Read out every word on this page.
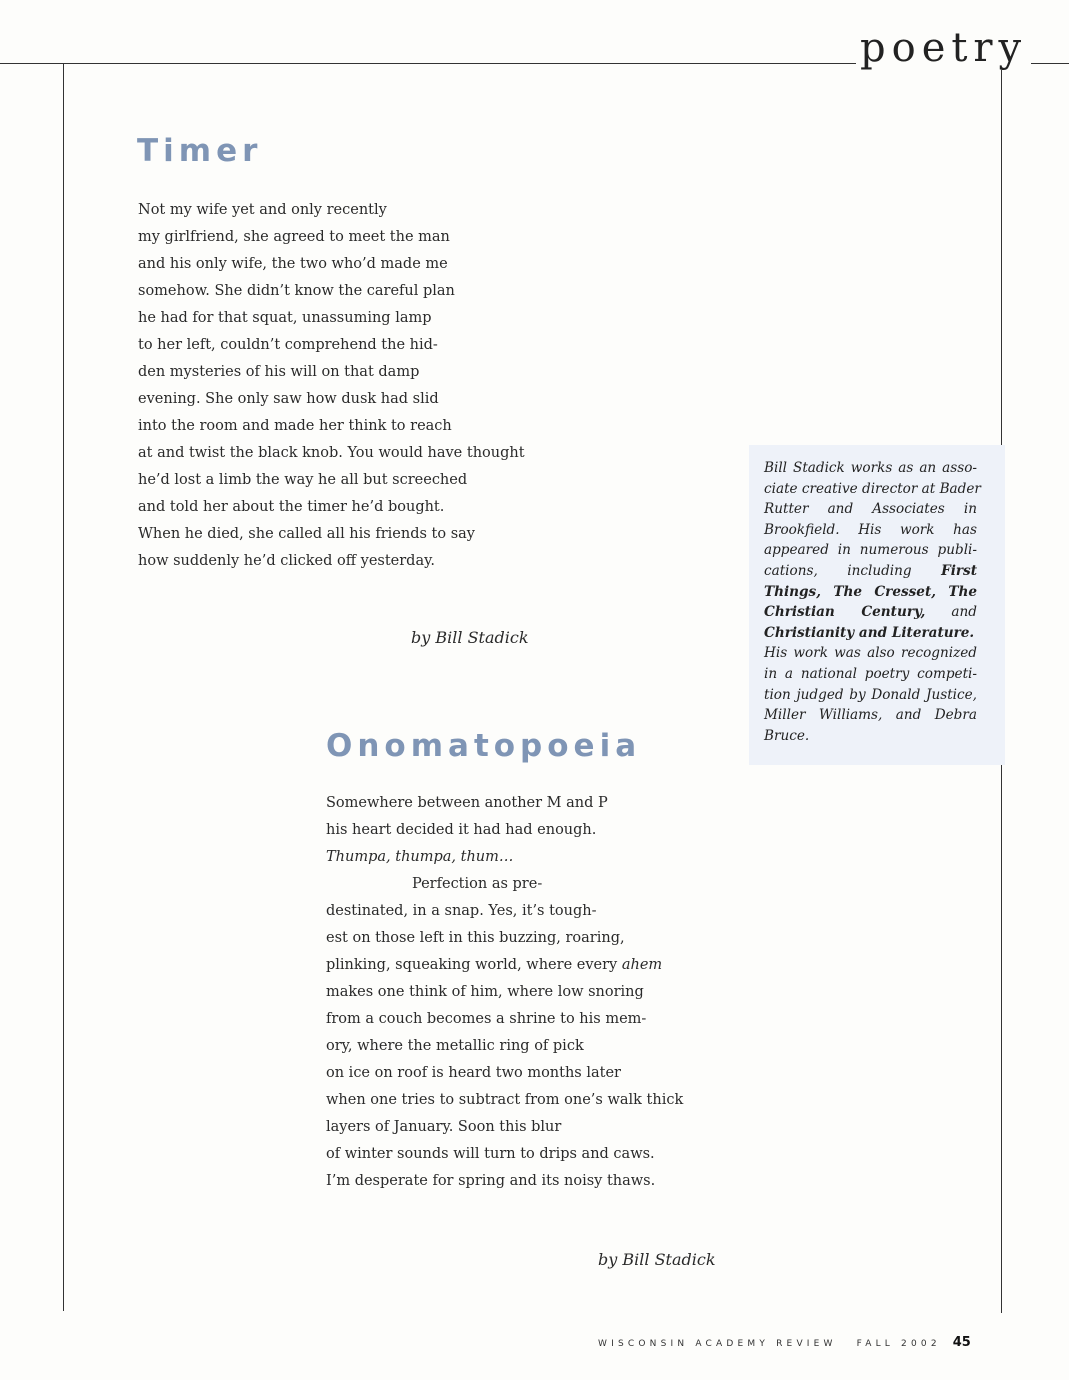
poetry
Timer
Not my wife yet and only recently
my girlfriend, she agreed to meet the man
and his only wife, the two who’d made me
somehow. She didn’t know the careful plan
he had for that squat, unassuming lamp
to her left, couldn’t comprehend the hid-
den mysteries of his will on that damp
evening. She only saw how dusk had slid
into the room and made her think to reach
at and twist the black knob. You would have thought
he’d lost a limb the way he all but screeched
and told her about the timer he’d bought.
When he died, she called all his friends to say
how suddenly he’d clicked off yesterday.
by Bill Stadick
Bill Stadick works as an asso-
ciate creative director at Bader
Rutter and Associates in
Brookfield. His work has
appeared in numerous publi-
cations, including First
Things, The Cresset, The
Christian Century, and
Christianity and Literature.
His work was also recognized
in a national poetry competi-
tion judged by Donald Justice,
Miller Williams, and Debra
Bruce.
Onomatopoeia
Somewhere between another M and P
his heart decided it had had enough.
Thumpa, thumpa, thum…
Perfection as pre-
destinated, in a snap. Yes, it’s tough-
est on those left in this buzzing, roaring,
plinking, squeaking world, where every ahem
makes one think of him, where low snoring
from a couch becomes a shrine to his mem-
ory, where the metallic ring of pick
on ice on roof is heard two months later
when one tries to subtract from one’s walk thick
layers of January. Soon this blur
of winter sounds will turn to drips and caws.
I’m desperate for spring and its noisy thaws.
by Bill Stadick
WISCONSIN ACADEMY REVIEW FALL 2002 45
